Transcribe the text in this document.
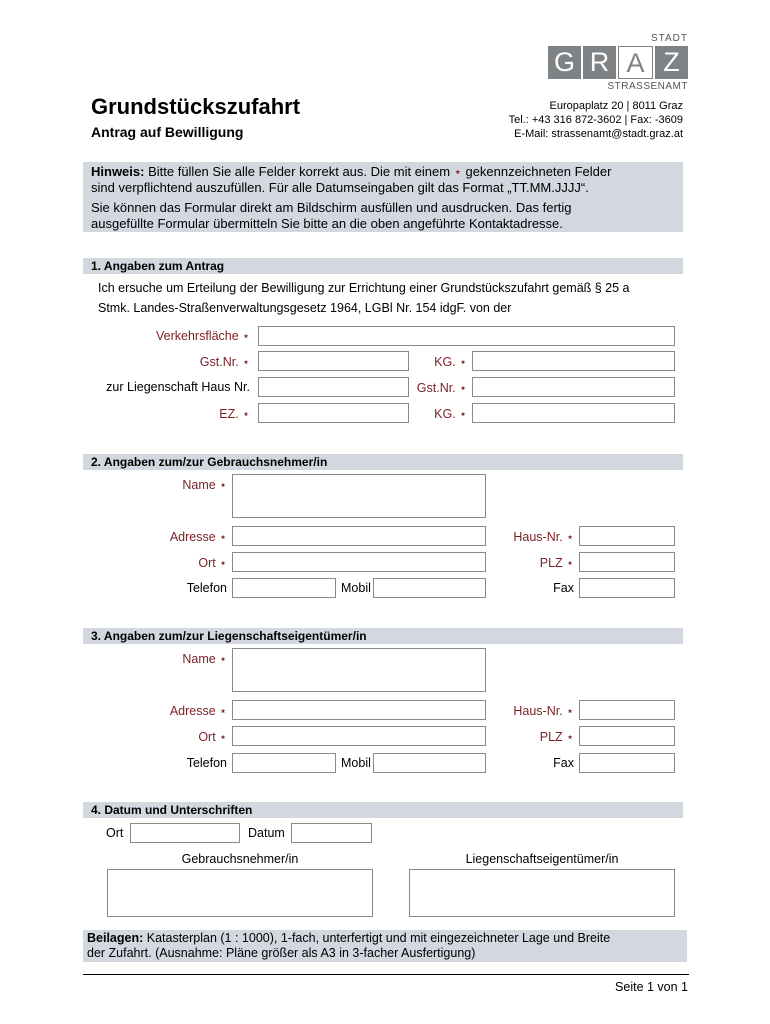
STADT
G R A Z
STRASSENAMT
Grundstückszufahrt
Antrag auf Bewilligung
Europaplatz 20 | 8011 Graz
Tel.: +43 316 872-3602 | Fax: -3609
E-Mail: strassenamt@stadt.graz.at
Hinweis: Bitte füllen Sie alle Felder korrekt aus. Die mit einem ⋆ gekennzeichneten Felder
sind verpflichtend auszufüllen. Für alle Datumseingaben gilt das Format „TT.MM.JJJJ“.
Sie können das Formular direkt am Bildschirm ausfüllen und ausdrucken. Das fertig
ausgefüllte Formular übermitteln Sie bitte an die oben angeführte Kontaktadresse.
1. Angaben zum Antrag
Ich ersuche um Erteilung der Bewilligung zur Errichtung einer Grundstückszufahrt gemäß § 25 a
Stmk. Landes-Straßenverwaltungsgesetz 1964, LGBl Nr. 154 idgF. von der
Verkehrsfläche ⋆
Gst.Nr. ⋆	KG. ⋆
zur Liegenschaft Haus Nr.	Gst.Nr. ⋆
EZ. ⋆	KG. ⋆
2. Angaben zum/zur Gebrauchsnehmer/in
Name ⋆
Adresse ⋆	Haus-Nr. ⋆
Ort ⋆	PLZ ⋆
Telefon	Mobil	Fax
3. Angaben zum/zur Liegenschaftseigentümer/in
Name ⋆
Adresse ⋆	Haus-Nr. ⋆
Ort ⋆	PLZ ⋆
Telefon	Mobil	Fax
4. Datum und Unterschriften
Ort	Datum
Gebrauchsnehmer/in	Liegenschaftseigentümer/in
Beilagen: Katasterplan (1 : 1000), 1-fach, unterfertigt und mit eingezeichneter Lage und Breite
der Zufahrt. (Ausnahme: Pläne größer als A3 in 3-facher Ausfertigung)
Seite 1 von 1
